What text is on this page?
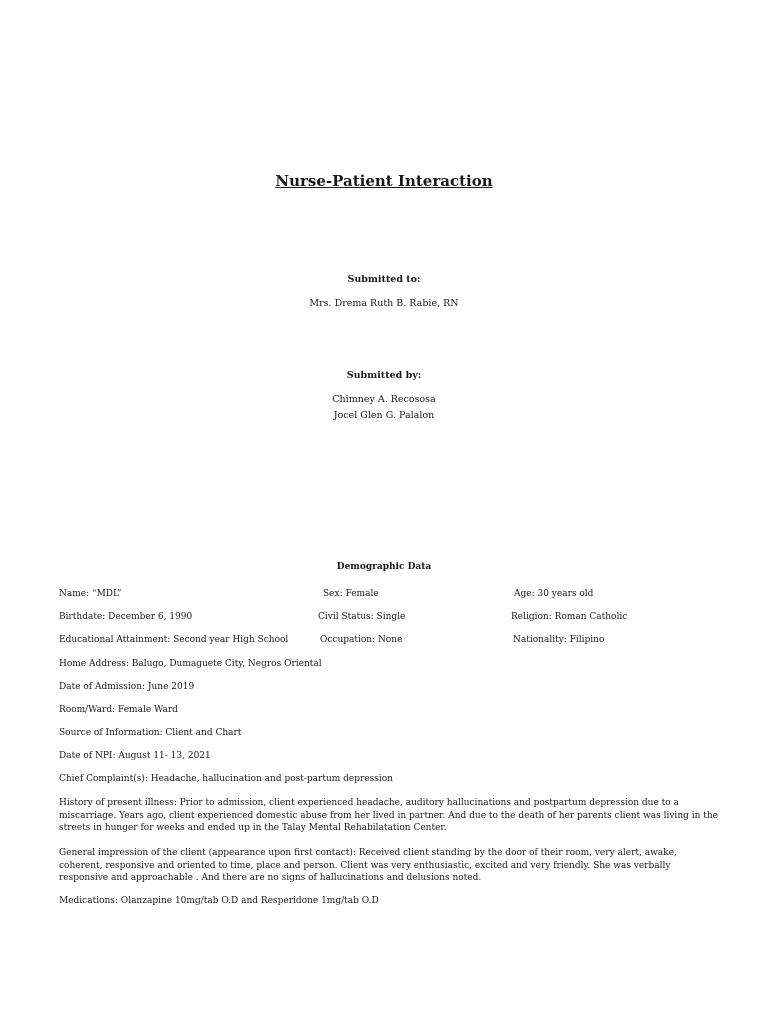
Nurse-Patient Interaction
Submitted to:
Mrs. Drema Ruth B. Rabie, RN
Submitted by:
Chimney A. Recososa
Jocel Glen G. Palalon
Demographic Data
Name: “MDL”	Sex: Female	Age: 30 years old
Birthdate: December 6, 1990	Civil Status: Single	Religion: Roman Catholic
Educational Attainment: Second year High School	Occupation: None	Nationality: Filipino
Home Address: Balugo, Dumaguete City, Negros Oriental
Date of Admission: June 2019
Room/Ward: Female Ward
Source of Information: Client and Chart
Date of NPI: August 11- 13, 2021
Chief Complaint(s): Headache, hallucination and post-partum depression
History of present illness: Prior to admission, client experienced headache, auditory hallucinations and postpartum depression due to a miscarriage. Years ago, client experienced domestic abuse from her lived in partner. And due to the death of her parents client was living in the streets in hunger for weeks and ended up in the Talay Mental Rehabilatation Center.
General impression of the client (appearance upon first contact): Received client standing by the door of their room, very alert, awake, coherent, responsive and oriented to time, place and person. Client was very enthusiastic, excited and very friendly. She was verbally responsive and approachable . And there are no signs of hallucinations and delusions noted.
Medications: Olanzapine 10mg/tab O.D and Resperidone 1mg/tab O.D
